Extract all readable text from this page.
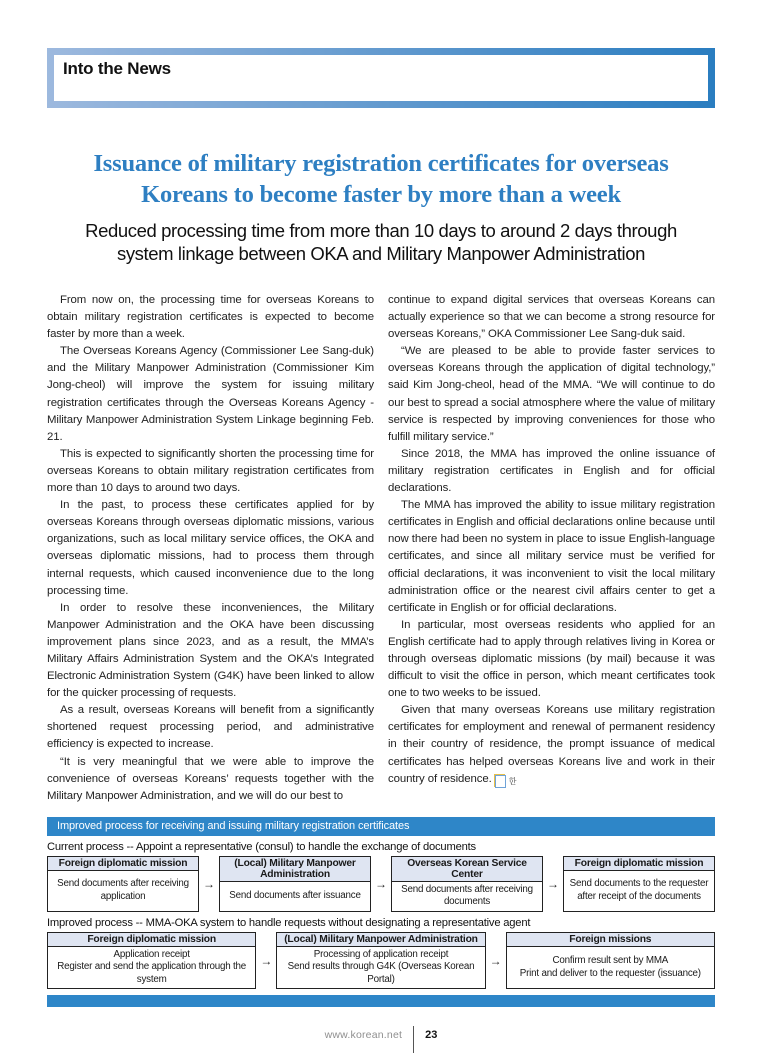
Into the News
Issuance of military registration certificates for overseas Koreans to become faster by more than a week
Reduced processing time from more than 10 days to around 2 days through system linkage between OKA and Military Manpower Administration

From now on, the processing time for overseas Koreans to obtain military registration certificates is expected to become faster by more than a week.

The Overseas Koreans Agency (Commissioner Lee Sang-duk) and the Military Manpower Administration (Commissioner Kim Jong-cheol) will improve the system for issuing military registration certificates through the Overseas Koreans Agency - Military Manpower Administration System Linkage beginning Feb. 21.

This is expected to significantly shorten the processing time for overseas Koreans to obtain military registration certificates from more than 10 days to around two days.

In the past, to process these certificates applied for by overseas Koreans through overseas diplomatic missions, various organizations, such as local military service offices, the OKA and overseas diplomatic missions, had to process them through internal requests, which caused inconvenience due to the long processing time.

In order to resolve these inconveniences, the Military Manpower Administration and the OKA have been discussing improvement plans since 2023, and as a result, the MMA’s Military Affairs Administration System and the OKA’s Integrated Electronic Administration System (G4K) have been linked to allow for the quicker processing of requests.

As a result, overseas Koreans will benefit from a significantly shortened request processing period, and administrative efficiency is expected to increase.

“It is very meaningful that we were able to improve the convenience of overseas Koreans’ requests together with the Military Manpower Administration, and we will do our best to

continue to expand digital services that overseas Koreans can actually experience so that we can become a strong resource for overseas Koreans,” OKA Commissioner Lee Sang-duk said.

“We are pleased to be able to provide faster services to overseas Koreans through the application of digital technology,” said Kim Jong-cheol, head of the MMA. “We will continue to do our best to spread a social atmosphere where the value of military service is respected by improving conveniences for those who fulfill military service.”

Since 2018, the MMA has improved the online issuance of military registration certificates in English and for official declarations.

The MMA has improved the ability to issue military registration certificates in English and official declarations online because until now there had been no system in place to issue English-language certificates, and since all military service must be verified for official declarations, it was inconvenient to visit the local military administration office or the nearest civil affairs center to get a certificate in English or for official declarations.

In particular, most overseas residents who applied for an English certificate had to apply through relatives living in Korea or through overseas diplomatic missions (by mail) because it was difficult to visit the office in person, which meant certificates took one to two weeks to be issued.

Given that many overseas Koreans use military registration certificates for employment and renewal of permanent residency in their country of residence, the prompt issuance of medical certificates has helped overseas Koreans live and work in their country of residence. 한

Improved process for receiving and issuing military registration certificates
Current process -- Appoint a representative (consul) to handle the exchange of documents
Foreign diplomatic mission
Send documents after receiving application
→
(Local) Military Manpower Administration
Send documents after issuance
→
Overseas Korean Service Center
Send documents after receiving documents
→
Foreign diplomatic mission
Send documents to the requester after receipt of the documents
Improved process -- MMA-OKA system to handle requests without designating a representative agent
Foreign diplomatic mission
Application receipt
Register and send the application through the system
→
(Local) Military Manpower Administration
Processing of application receipt
Send results through G4K (Overseas Korean Portal)
→
Foreign missions
Confirm result sent by MMA
Print and deliver to the requester (issuance)
www.korean.net 23
